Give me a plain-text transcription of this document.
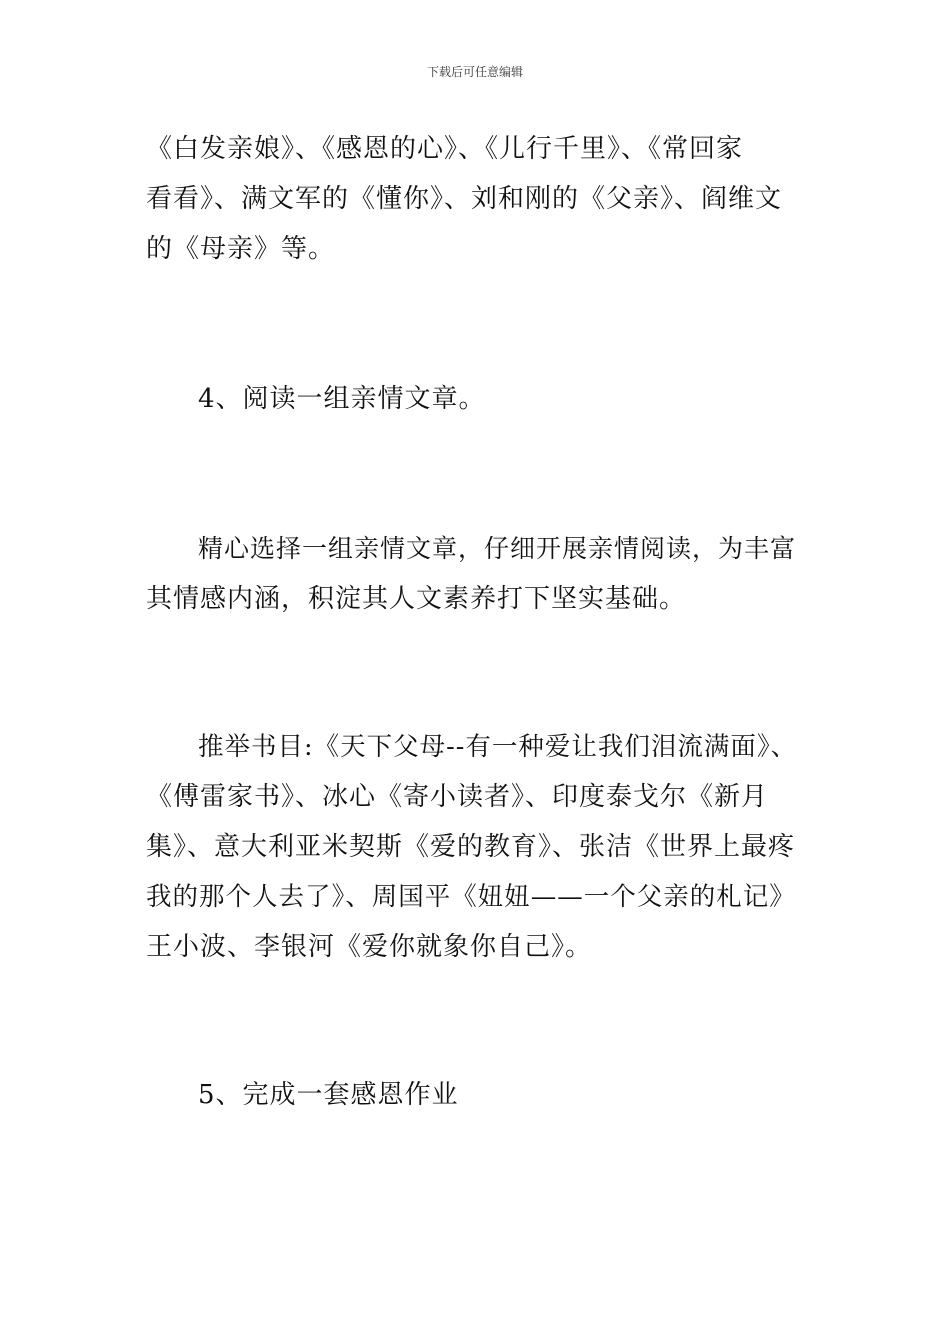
下载后可任意编辑
《白发亲娘》、《感恩的心》、《儿行千里》、《常回家
看看》、满文军的《懂你》、刘和刚的《父亲》、阎维文
的《母亲》等。
4、阅读一组亲情文章。
精心选择一组亲情文章，仔细开展亲情阅读，为丰富
其情感内涵，积淀其人文素养打下坚实基础。
推举书目:《天下父母--有一种爱让我们泪流满面》、
《傅雷家书》、冰心《寄小读者》、印度泰戈尔《新月
集》、意大利亚米契斯《爱的教育》、张洁《世界上最疼
我的那个人去了》、周国平《妞妞——一个父亲的札记》
王小波、李银河《爱你就象你自己》。
5、完成一套感恩作业
